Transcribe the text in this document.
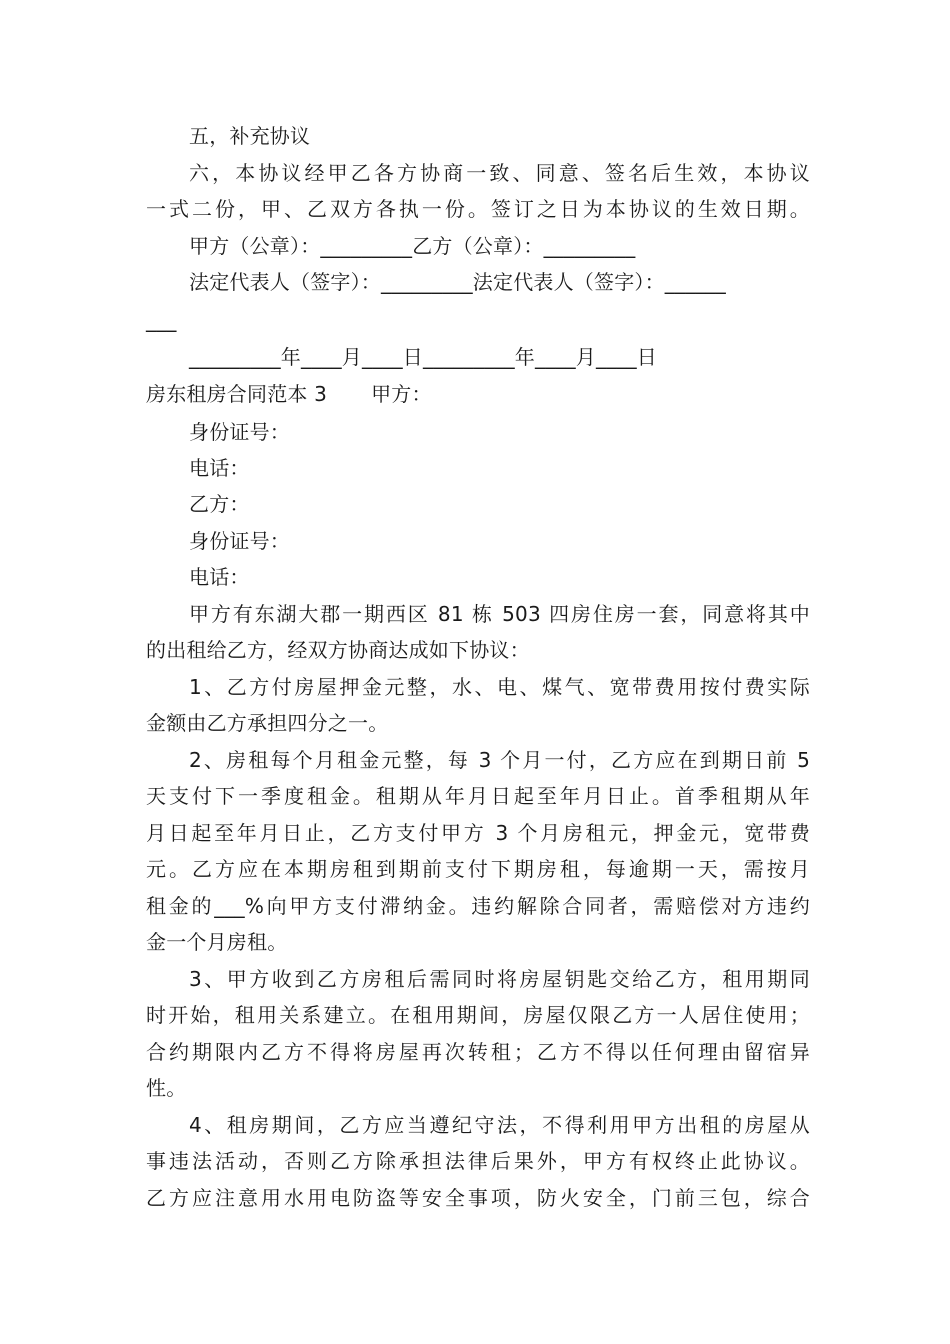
五，补充协议
六，本协议经甲乙各方协商一致、同意、签名后生效，本协议
一式二份，甲、乙双方各执一份。签订之日为本协议的生效日期。
甲方（公章）：_________乙方（公章）：_________
法定代表人（签字）：_________法定代表人（签字）：______
___
_________年____月____日_________年____月____日
房东租房合同范本 3 甲方：
身份证号：
电话：
乙方：
身份证号：
电话：
甲方有东湖大郡一期西区 81 栋 503 四房住房一套，同意将其中
的出租给乙方，经双方协商达成如下协议：
1、乙方付房屋押金元整，水、电、煤气、宽带费用按付费实际
金额由乙方承担四分之一。
2、房租每个月租金元整，每 3 个月一付，乙方应在到期日前 5
天支付下一季度租金。租期从年月日起至年月日止。首季租期从年
月日起至年月日止，乙方支付甲方 3 个月房租元，押金元，宽带费
元。乙方应在本期房租到期前支付下期房租，每逾期一天，需按月
租金的___%向甲方支付滞纳金。违约解除合同者，需赔偿对方违约
金一个月房租。
3、甲方收到乙方房租后需同时将房屋钥匙交给乙方，租用期同
时开始，租用关系建立。在租用期间，房屋仅限乙方一人居住使用；
合约期限内乙方不得将房屋再次转租；乙方不得以任何理由留宿异
性。
4、租房期间，乙方应当遵纪守法，不得利用甲方出租的房屋从
事违法活动，否则乙方除承担法律后果外，甲方有权终止此协议。
乙方应注意用水用电防盗等安全事项，防火安全，门前三包，综合
